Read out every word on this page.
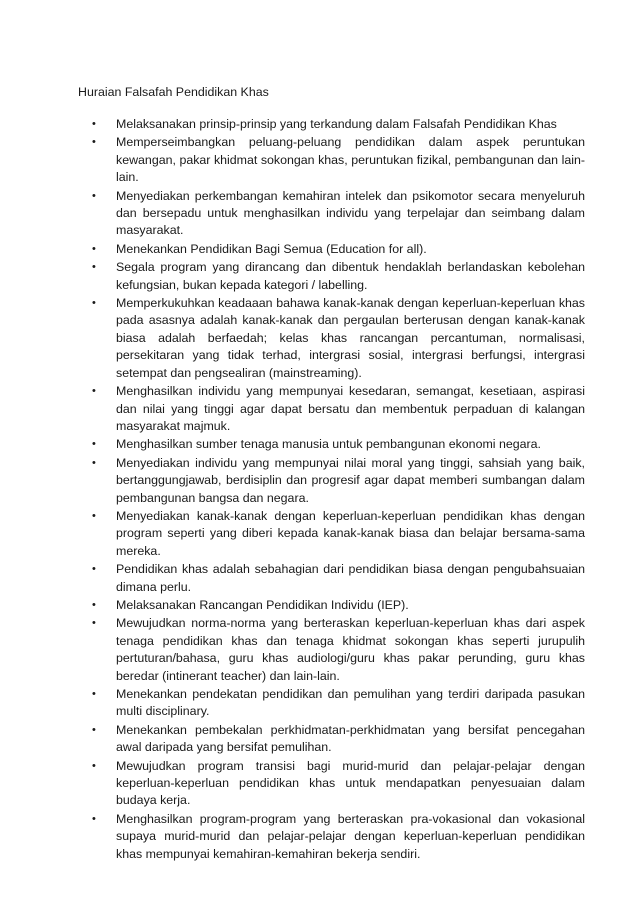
Huraian Falsafah Pendidikan Khas
•	Melaksanakan prinsip-prinsip yang terkandung dalam Falsafah Pendidikan Khas
•	Memperseimbangkan peluang-peluang pendidikan dalam aspek peruntukan kewangan, pakar khidmat sokongan khas, peruntukan fizikal, pembangunan dan lain-lain.
•	Menyediakan perkembangan kemahiran intelek dan psikomotor secara menyeluruh dan bersepadu untuk menghasilkan individu yang terpelajar dan seimbang dalam masyarakat.
•	Menekankan Pendidikan Bagi Semua (Education for all).
•	Segala program yang dirancang dan dibentuk hendaklah berlandaskan kebolehan kefungsian, bukan kepada kategori / labelling.
•	Memperkukuhkan keadaaan bahawa kanak-kanak dengan keperluan-keperluan khas pada asasnya adalah kanak-kanak dan pergaulan berterusan dengan kanak-kanak biasa adalah berfaedah; kelas khas rancangan percantuman, normalisasi, persekitaran yang tidak terhad, intergrasi sosial, intergrasi berfungsi, intergrasi setempat dan pengsealiran (mainstreaming).
•	Menghasilkan individu yang mempunyai kesedaran, semangat, kesetiaan, aspirasi dan nilai yang tinggi agar dapat bersatu dan membentuk perpaduan di kalangan masyarakat majmuk.
•	Menghasilkan sumber tenaga manusia untuk pembangunan ekonomi negara.
•	Menyediakan individu yang mempunyai nilai moral yang tinggi, sahsiah yang baik, bertanggungjawab, berdisiplin dan progresif agar dapat memberi sumbangan dalam pembangunan bangsa dan negara.
•	Menyediakan kanak-kanak dengan keperluan-keperluan pendidikan khas dengan program seperti yang diberi kepada kanak-kanak biasa dan belajar bersama-sama mereka.
•	Pendidikan khas adalah sebahagian dari pendidikan biasa dengan pengubahsuaian dimana perlu.
•	Melaksanakan Rancangan Pendidikan Individu (IEP).
•	Mewujudkan norma-norma yang berteraskan keperluan-keperluan khas dari aspek tenaga pendidikan khas dan tenaga khidmat sokongan khas seperti jurupulih pertuturan/bahasa, guru khas audiologi/guru khas pakar perunding, guru khas beredar (intinerant teacher) dan lain-lain.
•	Menekankan pendekatan pendidikan dan pemulihan yang terdiri daripada pasukan multi disciplinary.
•	Menekankan pembekalan perkhidmatan-perkhidmatan yang bersifat pencegahan awal daripada yang bersifat pemulihan.
•	Mewujudkan program transisi bagi murid-murid dan pelajar-pelajar dengan keperluan-keperluan pendidikan khas untuk mendapatkan penyesuaian dalam budaya kerja.
•	Menghasilkan program-program yang berteraskan pra-vokasional dan vokasional supaya murid-murid dan pelajar-pelajar dengan keperluan-keperluan pendidikan khas mempunyai kemahiran-kemahiran bekerja sendiri.
